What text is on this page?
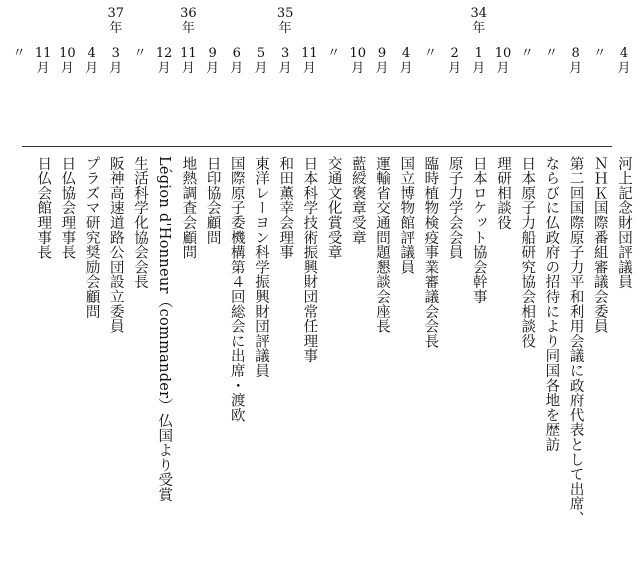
4
月
河上記念財団評議員
〃
ＮＨＫ国際番組審議会委員
8
月
第二回国際原子力平和利用会議に政府代表として出席、
〃
ならびに仏政府の招待により同国各地を歴訪
〃
日本原子力船研究協会相談役
10
月
理研相談役
34
年
1
月
日本ロケット協会幹事
2
月
原子力学会会員
〃
臨時植物検疫事業審議会会長
4
月
国立博物館評議員
9
月
運輸省交通問題懇談会座長
10
月
藍綬褒章受章
〃
交通文化賞受章
11
月
日本科学技術振興財団常任理事
35
年
3
月
和田薫幸会理事
5
月
東洋レーヨン科学振興財団評議員
6
月
国際原子委機構第４回総会に出席・渡欧
9
月
日印協会顧問
36
年
11
月
地熱調査会顧問
12
月
Légion d'Honneur（commander）仏国より受賞
〃
生活科学化協会会長
37
年
3
月
阪神高速道路公団設立委員
4
月
プラズマ研究奨励会顧問
10
月
日仏協会理事長
11
月
日仏会館理事長
〃
